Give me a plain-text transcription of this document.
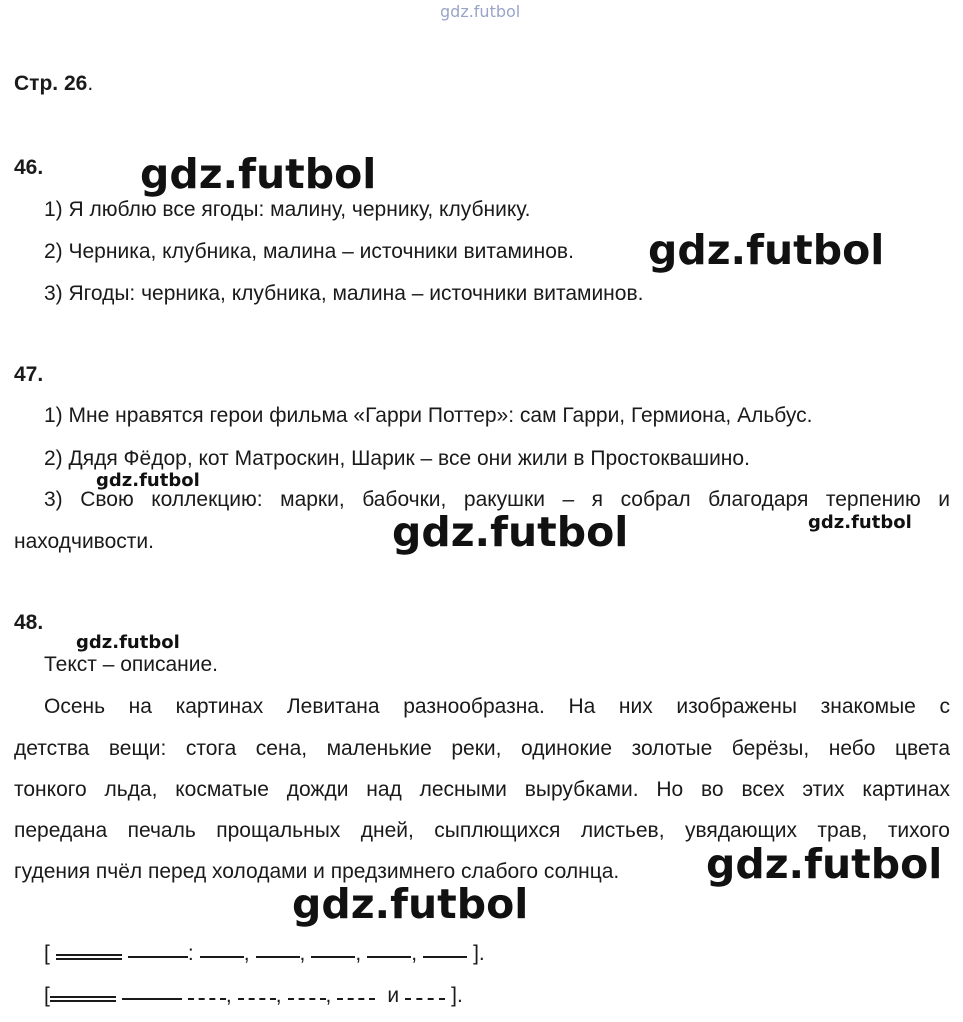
gdz.futbol
Стр. 26.
46. gdz.futbol
1) Я люблю все ягоды: малину, чернику, клубнику.
2) Черника, клубника, малина – источники витаминов. gdz.futbol
3) Ягоды: черника, клубника, малина – источники витаминов.
47.
1) Мне нравятся герои фильма «Гарри Поттер»: сам Гарри, Гермиона, Альбус.
2) Дядя Фёдор, кот Матроскин, Шарик – все они жили в Простоквашино.
gdz.futbol
3) Свою коллекцию: марки, бабочки, ракушки – я собрал благодаря терпению и
gdz.futbol
находчивости.	gdz.futbol
48.
gdz.futbol
Текст – описание.
Осень на картинах Левитана разнообразна. На них изображены знакомые с
детства вещи: стога сена, маленькие реки, одинокие золотые берёзы, небо цвета
тонкого льда, косматые дожди над лесными вырубками. Но во всех этих картинах
передана печаль прощальных дней, сыплющихся листьев, увядающих трав, тихого
гудения пчёл перед холодами и предзимнего слабого солнца. gdz.futbol
gdz.futbol
[	: , , , ,	].
[	, , ,	и ].
